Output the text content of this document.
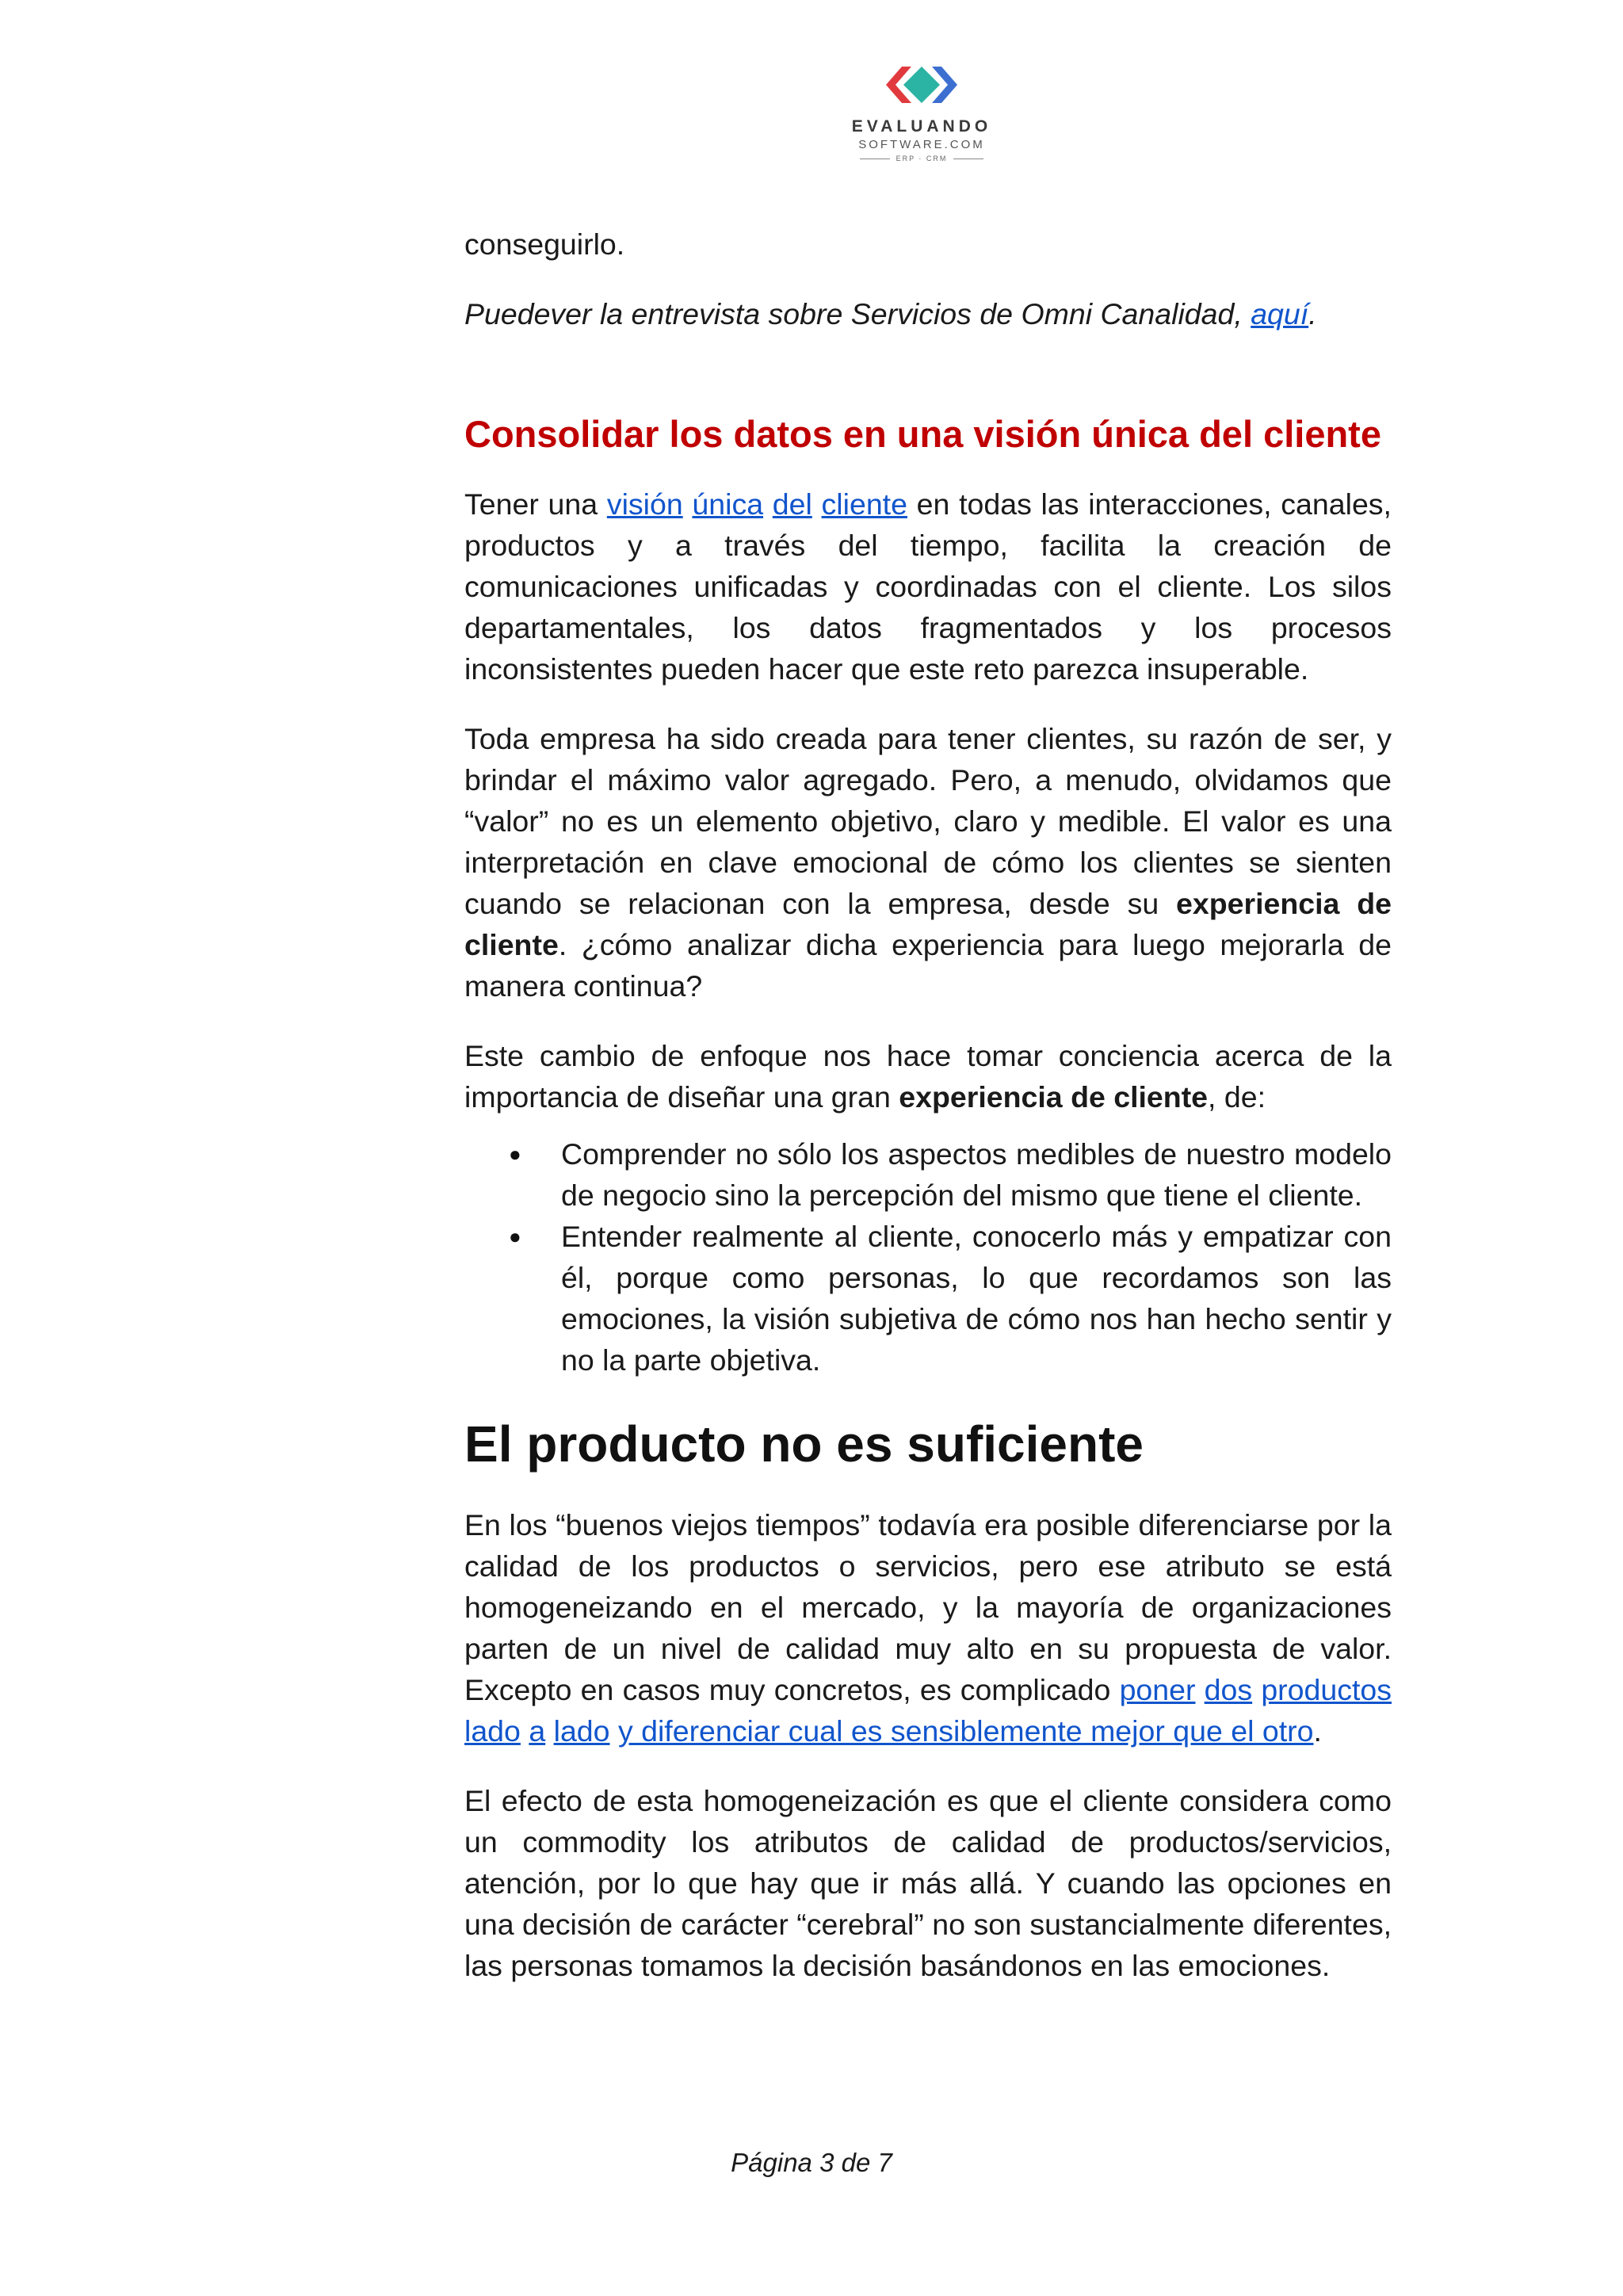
EVALUANDO
SOFTWARE.COM
ERP · CRM

conseguirlo.

Puedever la entrevista sobre Servicios de Omni Canalidad, aquí.

Consolidar los datos en una visión única del cliente

Tener una visión única del cliente en todas las interacciones, canales, productos y a través del tiempo, facilita la creación de comunicaciones unificadas y coordinadas con el cliente. Los silos departamentales, los datos fragmentados y los procesos inconsistentes pueden hacer que este reto parezca insuperable.

Toda empresa ha sido creada para tener clientes, su razón de ser, y brindar el máximo valor agregado. Pero, a menudo, olvidamos que “valor” no es un elemento objetivo, claro y medible. El valor es una interpretación en clave emocional de cómo los clientes se sienten cuando se relacionan con la empresa, desde su experiencia de cliente. ¿cómo analizar dicha experiencia para luego mejorarla de manera continua?

Este cambio de enfoque nos hace tomar conciencia acerca de la importancia de diseñar una gran experiencia de cliente, de:

● Comprender no sólo los aspectos medibles de nuestro modelo de negocio sino la percepción del mismo que tiene el cliente.
● Entender realmente al cliente, conocerlo más y empatizar con él, porque como personas, lo que recordamos son las emociones, la visión subjetiva de cómo nos han hecho sentir y no la parte objetiva.
El producto no es suficiente

En los “buenos viejos tiempos” todavía era posible diferenciarse por la calidad de los productos o servicios, pero ese atributo se está homogeneizando en el mercado, y la mayoría de organizaciones parten de un nivel de calidad muy alto en su propuesta de valor. Excepto en casos muy concretos, es complicado poner dos productos lado a lado y diferenciar cual es sensiblemente mejor que el otro.

El efecto de esta homogeneización es que el cliente considera como un commodity los atributos de calidad de productos/servicios, atención, por lo que hay que ir más allá. Y cuando las opciones en una decisión de carácter “cerebral” no son sustancialmente diferentes, las personas tomamos la decisión basándonos en las emociones.

Página 3 de 7
